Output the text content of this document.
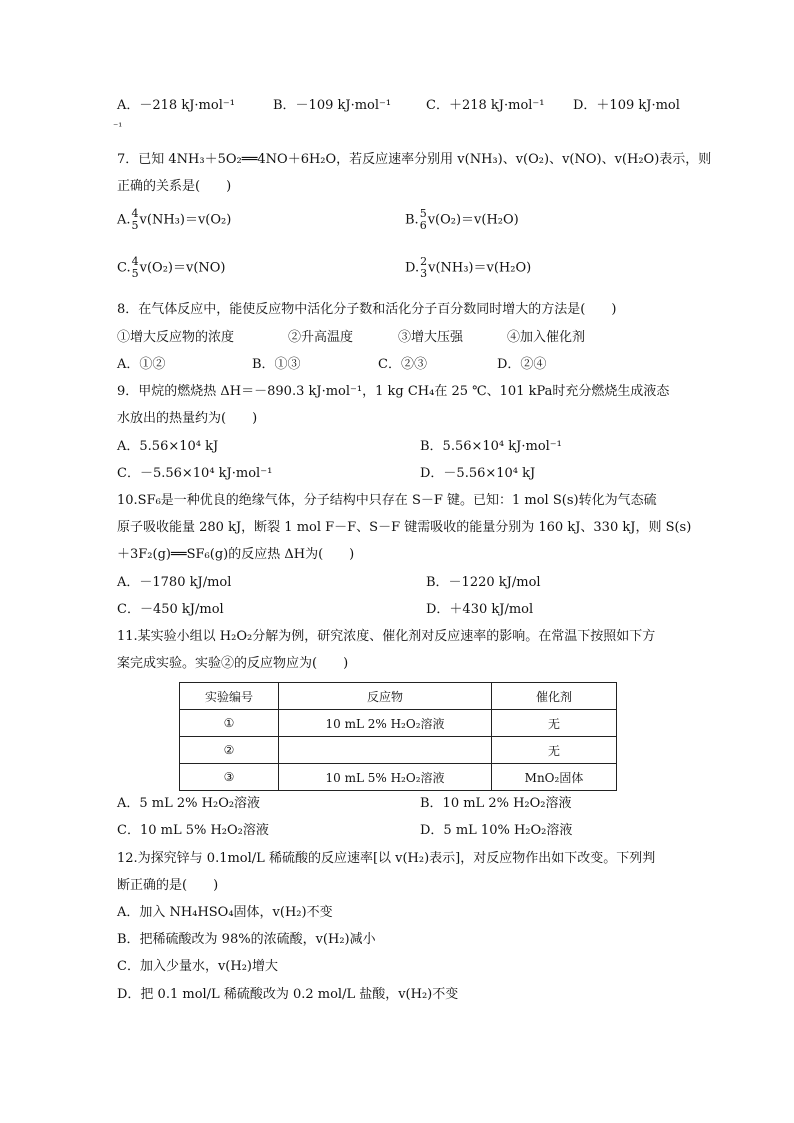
A．－218 kJ·mol⁻¹	B．－109 kJ·mol⁻¹	C．＋218 kJ·mol⁻¹ D．＋109 kJ·mol
⁻¹
7．已知 4NH₃＋5O₂══4NO＋6H₂O，若反应速率分别用 v(NH₃)、v(O₂)、v(NO)、v(H₂O)表示，则
正确的关系是(　　)
A. 4
5 v(NH₃)＝v(O₂)	B. 5
6 v(O₂)＝v(H₂O)
C. 4
5 v(O₂)＝v(NO)	D. 2
3 v(NH₃)＝v(H₂O)
8．在气体反应中，能使反应物中活化分子数和活化分子百分数同时增大的方法是(　　)
①增大反应物的浓度	②升高温度	③增大压强	④加入催化剂
A．①②	B．①③	C．②③	D．②④
9．甲烷的燃烧热 ΔH＝－890.3 kJ·mol⁻¹，1 kg CH₄在 25 ℃、101 kPa时充分燃烧生成液态
水放出的热量约为(　　)
A．5.56×10⁴ kJ	B．5.56×10⁴ kJ·mol⁻¹
C．－5.56×10⁴ kJ·mol⁻¹	D．－5.56×10⁴ kJ
10.SF₆是一种优良的绝缘气体，分子结构中只存在 S－F 键。已知：1 mol S(s)转化为气态硫
原子吸收能量 280 kJ，断裂 1 mol F－F、S－F 键需吸收的能量分别为 160 kJ、330 kJ，则 S(s)
＋3F₂(g)══SF₆(g)的反应热 ΔH为(　　)
A．－1780 kJ/mol	B．－1220 kJ/mol
C．－450 kJ/mol	D．＋430 kJ/mol
11.某实验小组以 H₂O₂分解为例，研究浓度、催化剂对反应速率的影响。在常温下按照如下方
案完成实验。实验②的反应物应为(　　)
实验编号	反应物	催化剂
①	10 mL 2% H₂O₂溶液	无
②		无
③	10 mL 5% H₂O₂溶液	MnO₂固体
A．5 mL 2% H₂O₂溶液	B．10 mL 2% H₂O₂溶液
C．10 mL 5% H₂O₂溶液	D．5 mL 10% H₂O₂溶液
12.为探究锌与 0.1mol/L 稀硫酸的反应速率[以 v(H₂)表示]，对反应物作出如下改变。下列判
断正确的是(　　)
A．加入 NH₄HSO₄固体，v(H₂)不变
B．把稀硫酸改为 98%的浓硫酸，v(H₂)减小
C．加入少量水，v(H₂)增大
D．把 0.1 mol/L 稀硫酸改为 0.2 mol/L 盐酸，v(H₂)不变
